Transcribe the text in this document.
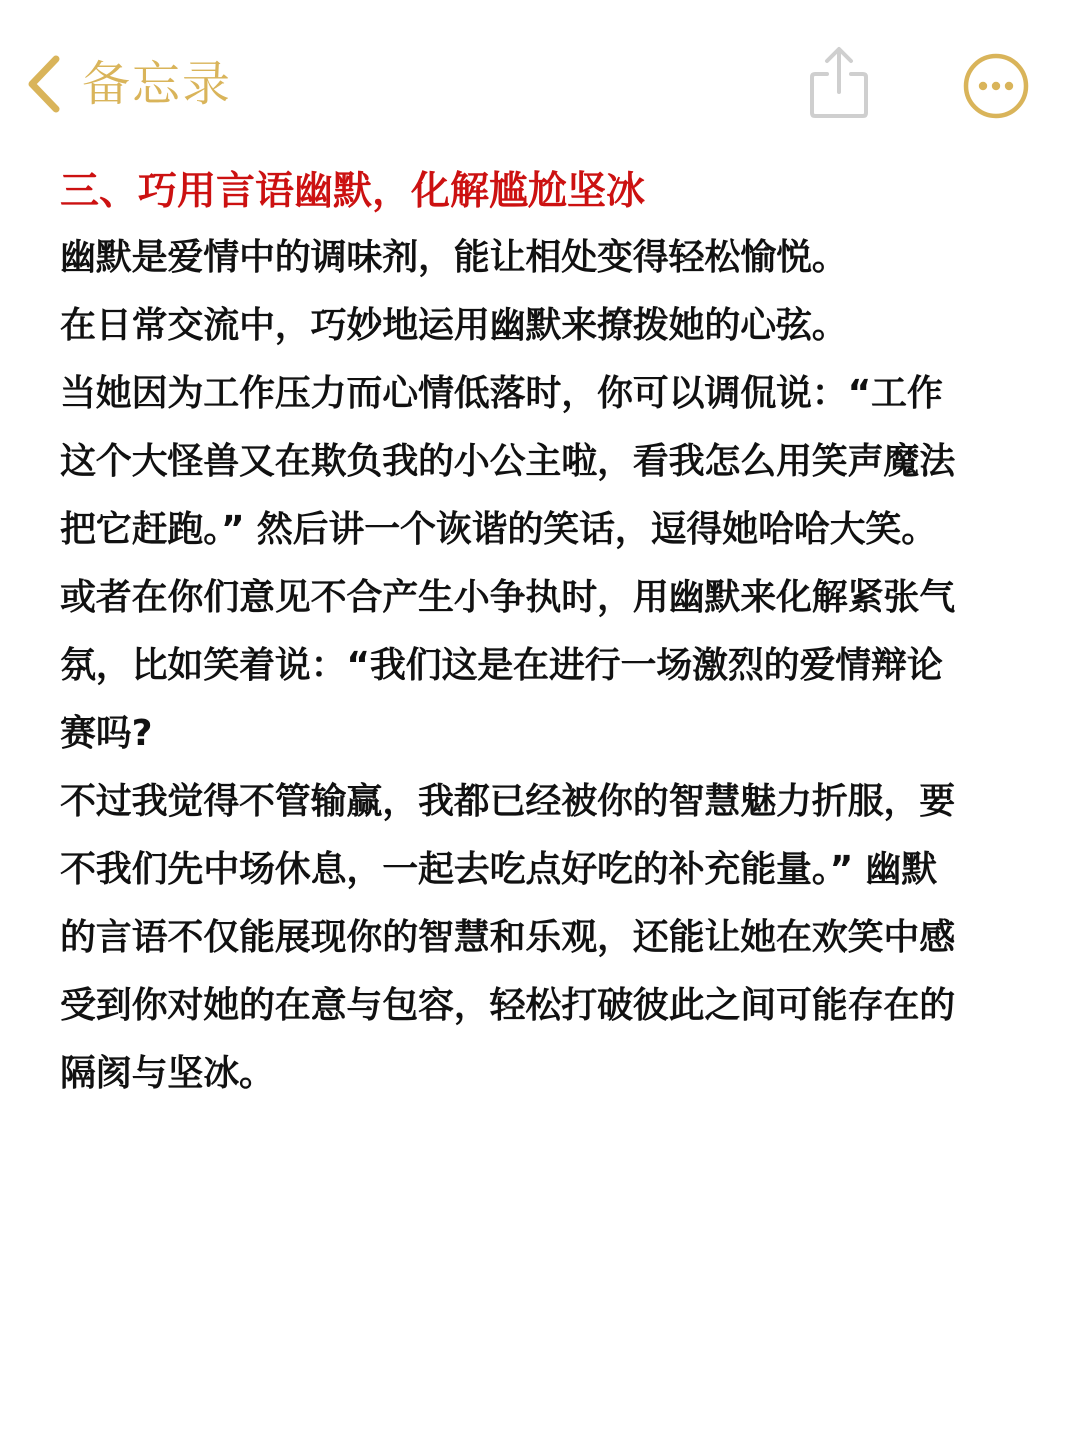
备忘录
三、巧用言语幽默，化解尴尬坚冰

幽默是爱情中的调味剂，能让相处变得轻松愉悦。

在日常交流中，巧妙地运用幽默来撩拨她的心弦。

当她因为工作压力而心情低落时，你可以调侃说：“工作

这个大怪兽又在欺负我的小公主啦，看我怎么用笑声魔法

把它赶跑。” 然后讲一个诙谐的笑话，逗得她哈哈大笑。

或者在你们意见不合产生小争执时，用幽默来化解紧张气

氛，比如笑着说：“我们这是在进行一场激烈的爱情辩论

赛吗?

不过我觉得不管输赢，我都已经被你的智慧魅力折服，要

不我们先中场休息，一起去吃点好吃的补充能量。” 幽默

的言语不仅能展现你的智慧和乐观，还能让她在欢笑中感

受到你对她的在意与包容，轻松打破彼此之间可能存在的

隔阂与坚冰。
